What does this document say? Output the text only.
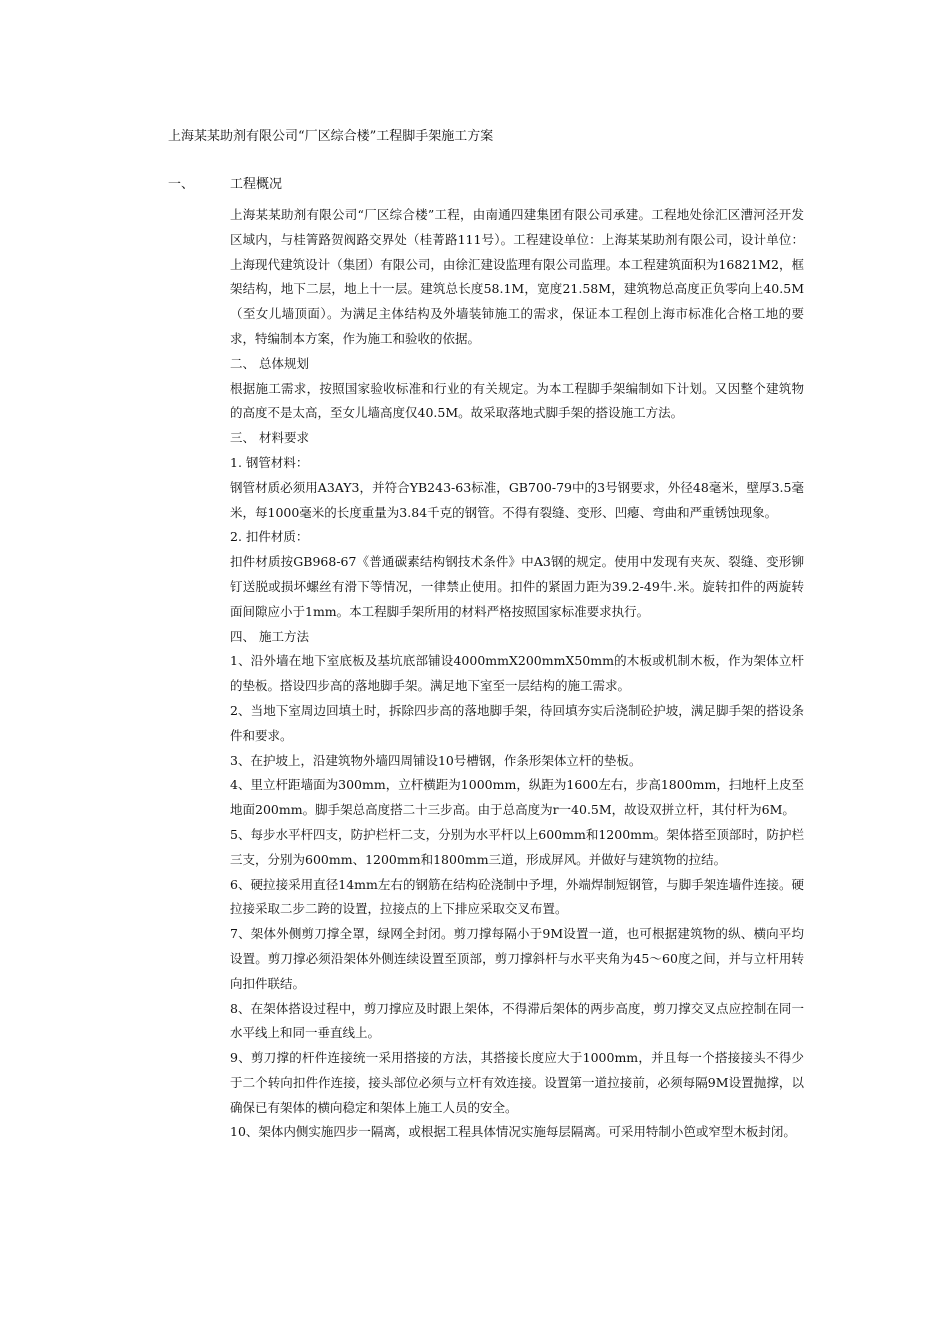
上海某某助剂有限公司“厂区综合楼”工程脚手架施工方案
一、	工程概况

上海某某助剂有限公司“厂区综合楼”工程，由南通四建集团有限公司承建。工程地处徐汇区漕河泾开发区域内，与桂箐路贺阀路交界处（桂菁路111号）。工程建设单位：上海某某助剂有限公司，设计单位：上海现代建筑设计（集团）有限公司，由徐汇建设监理有限公司监理。本工程建筑面积为16821M2，框架结构，地下二层，地上十一层。建筑总长度58.1M，宽度21.58M，建筑物总高度正负零向上40.5M（至女儿墙顶面）。为满足主体结构及外墙装铈施工的需求，保证本工程创上海市标准化合格工地的要求，特编制本方案，作为施工和验收的依据。

二、 总体规划

根据施工需求，按照国家验收标准和行业的有关规定。为本工程脚手架编制如下计划。又因整个建筑物的高度不是太高，至女儿墙高度仅40.5M。故采取落地式脚手架的搭设施工方法。

三、 材料要求

1. 钢管材料：

钢管材质必须用A3AY3，并符合YB243-63标准，GB700-79中的3号钢要求，外径48毫米，壁厚3.5毫米，每1000毫米的长度重量为3.84千克的钢管。不得有裂缝、变形、凹瘪、弯曲和严重锈蚀现象。

2. 扣件材质：

扣件材质按GB968-67《普通碳素结构钢技术条件》中A3钢的规定。使用中发现有夹灰、裂缝、变形铆钉送脱或损坏螺丝有滑下等情况，一律禁止使用。扣件的紧固力距为39.2-49牛.米。旋转扣件的两旋转面间隙应小于1mm。本工程脚手架所用的材料严格按照国家标准要求执行。

四、 施工方法

1、沿外墙在地下室底板及基坑底部铺设4000mmX200mmX50mm的木板或机制木板，作为架体立杆的垫板。搭设四步高的落地脚手架。满足地下室至一层结构的施工需求。

2、当地下室周边回填土时，拆除四步高的落地脚手架，待回填夯实后浇制砼护坡，满足脚手架的搭设条件和要求。

3、在护坡上，沿建筑物外墙四周铺设10号槽钢，作条形架体立杆的垫板。

4、里立杆距墙面为300mm，立杆横距为1000mm，纵距为1600左右，步高1800mm，扫地杆上皮至地面200mm。脚手架总高度搭二十三步高。由于总高度为r一40.5M，故设双拼立杆，其付杆为6M。

5、每步水平杆四支，防护栏杆二支，分别为水平杆以上600mm和1200mm。架体搭至顶部时，防护栏三支，分别为600mm、1200mm和1800mm三道，形成屏风。并做好与建筑物的拉结。

6、硬拉接采用直径14mm左右的钢筋在结构砼浇制中予埋，外端焊制短钢管，与脚手架连墙件连接。硬拉接采取二步二跨的设置，拉接点的上下排应采取交叉布置。

7、架体外侧剪刀撑全罩，绿网全封闭。剪刀撑每隔小于9M设置一道，也可根据建筑物的纵、横向平均设置。剪刀撑必须沿架体外侧连续设置至顶部，剪刀撑斜杆与水平夹角为45～60度之间，并与立杆用转向扣件联结。

8、在架体搭设过程中，剪刀撑应及时跟上架体，不得滞后架体的两步高度，剪刀撑交叉点应控制在同一水平线上和同一垂直线上。

9、剪刀撑的杆件连接统一采用搭接的方法，其搭接长度应大于1000mm，并且每一个搭接接头不得少于二个转向扣件作连接，接头部位必须与立杆有效连接。设置第一道拉接前，必须每隔9M设置抛撑，以确保已有架体的横向稳定和架体上施工人员的安全。

10、架体内侧实施四步一隔离，或根据工程具体情况实施每层隔离。可采用特制小笆或窄型木板封闭。
